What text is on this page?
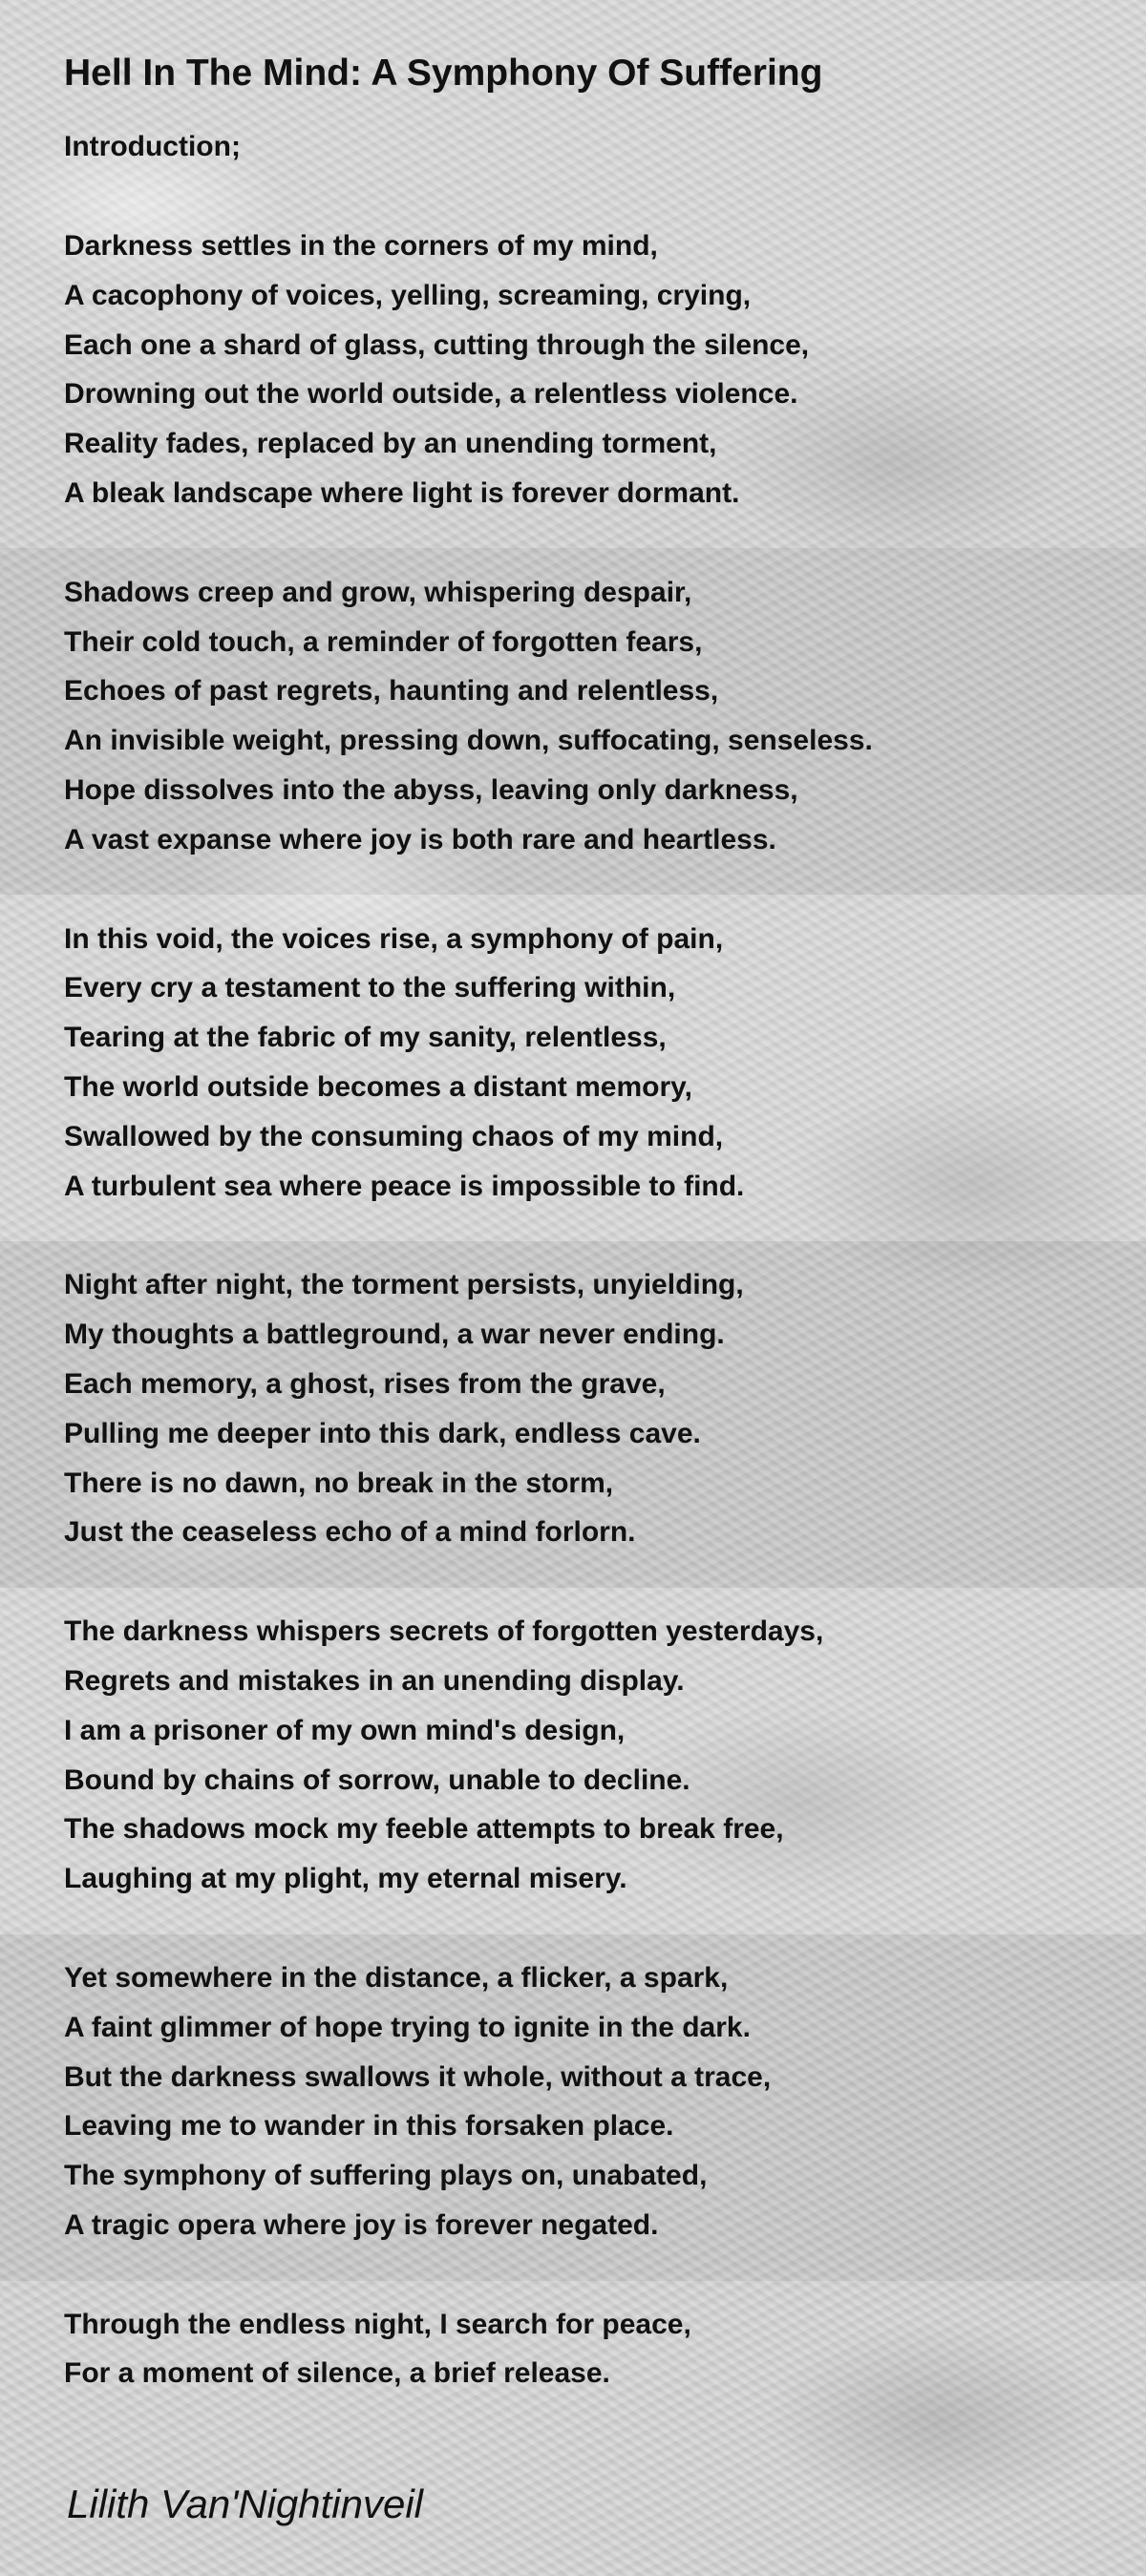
Hell In The Mind: A Symphony Of Suffering
Introduction;
Darkness settles in the corners of my mind,
A cacophony of voices, yelling, screaming, crying,
Each one a shard of glass, cutting through the silence,
Drowning out the world outside, a relentless violence.
Reality fades, replaced by an unending torment,
A bleak landscape where light is forever dormant.
Shadows creep and grow, whispering despair,
Their cold touch, a reminder of forgotten fears,
Echoes of past regrets, haunting and relentless,
An invisible weight, pressing down, suffocating, senseless.
Hope dissolves into the abyss, leaving only darkness,
A vast expanse where joy is both rare and heartless.
In this void, the voices rise, a symphony of pain,
Every cry a testament to the suffering within,
Tearing at the fabric of my sanity, relentless,
The world outside becomes a distant memory,
Swallowed by the consuming chaos of my mind,
A turbulent sea where peace is impossible to find.
Night after night, the torment persists, unyielding,
My thoughts a battleground, a war never ending.
Each memory, a ghost, rises from the grave,
Pulling me deeper into this dark, endless cave.
There is no dawn, no break in the storm,
Just the ceaseless echo of a mind forlorn.
The darkness whispers secrets of forgotten yesterdays,
Regrets and mistakes in an unending display.
I am a prisoner of my own mind's design,
Bound by chains of sorrow, unable to decline.
The shadows mock my feeble attempts to break free,
Laughing at my plight, my eternal misery.
Yet somewhere in the distance, a flicker, a spark,
A faint glimmer of hope trying to ignite in the dark.
But the darkness swallows it whole, without a trace,
Leaving me to wander in this forsaken place.
The symphony of suffering plays on, unabated,
A tragic opera where joy is forever negated.
Through the endless night, I search for peace,
For a moment of silence, a brief release.
Lilith Van'Nightinveil
